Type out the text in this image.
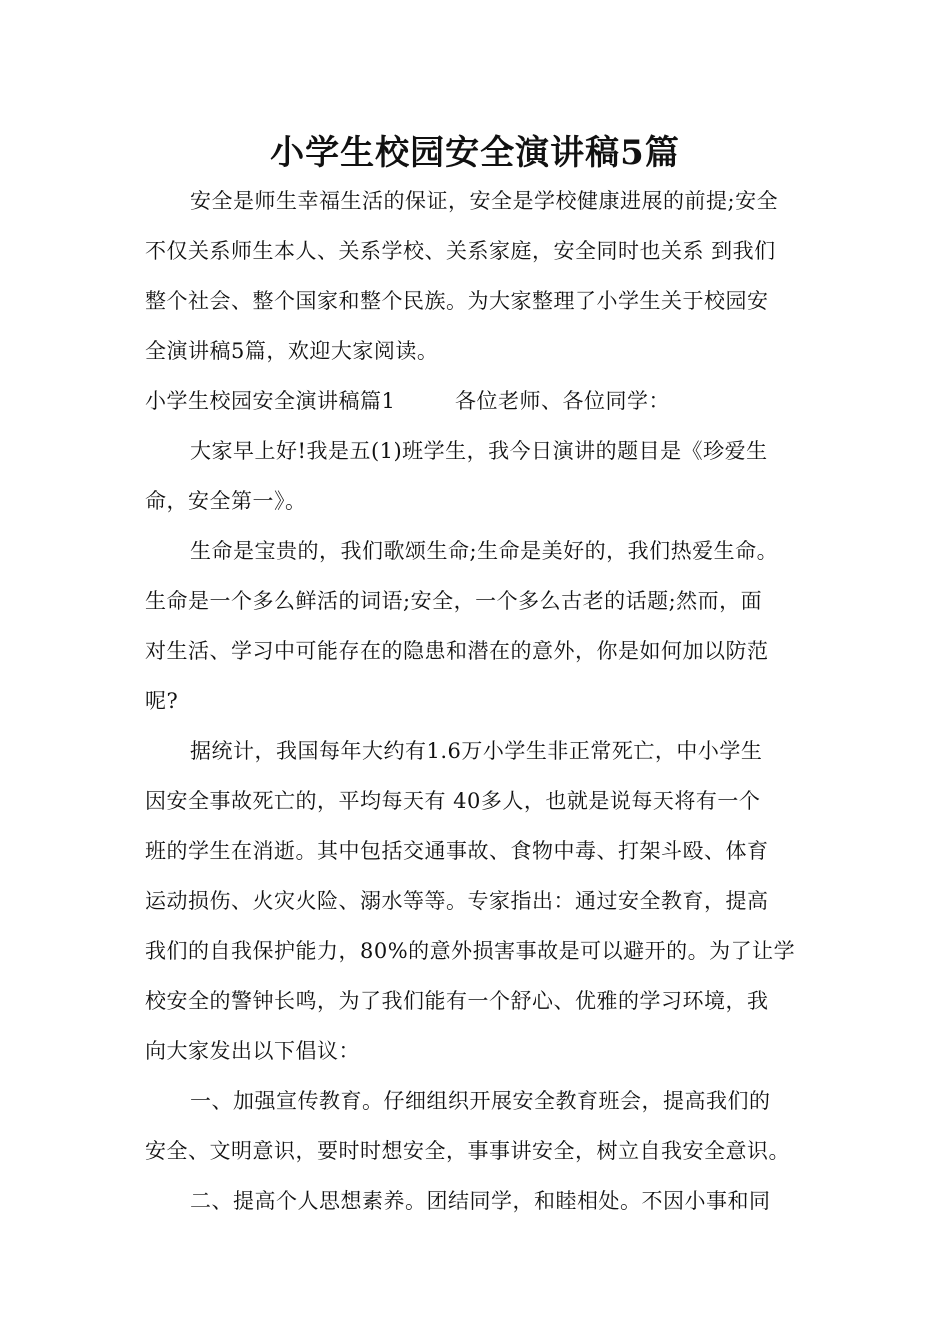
小学生校园安全演讲稿5篇
安全是师生幸福生活的保证，安全是学校健康进展的前提;安全
不仅关系师生本人、关系学校、关系家庭，安全同时也关系 到我们
整个社会、整个国家和整个民族。为大家整理了小学生关于校园安
全演讲稿5篇，欢迎大家阅读。
小学生校园安全演讲稿篇1	各位老师、各位同学：
大家早上好!我是五(1)班学生，我今日演讲的题目是《珍爱生
命，安全第一》。
生命是宝贵的，我们歌颂生命;生命是美好的，我们热爱生命。
生命是一个多么鲜活的词语;安全，一个多么古老的话题;然而，面
对生活、学习中可能存在的隐患和潜在的意外，你是如何加以防范
呢?
据统计，我国每年大约有1.6万小学生非正常死亡，中小学生
因安全事故死亡的，平均每天有 40多人，也就是说每天将有一个
班的学生在消逝。其中包括交通事故、食物中毒、打架斗殴、体育
运动损伤、火灾火险、溺水等等。专家指出：通过安全教育，提高
我们的自我保护能力，80%的意外损害事故是可以避开的。为了让学
校安全的警钟长鸣，为了我们能有一个舒心、优雅的学习环境，我
向大家发出以下倡议：
一、加强宣传教育。仔细组织开展安全教育班会，提高我们的
安全、文明意识，要时时想安全，事事讲安全，树立自我安全意识。
二、提高个人思想素养。团结同学，和睦相处。不因小事和同
